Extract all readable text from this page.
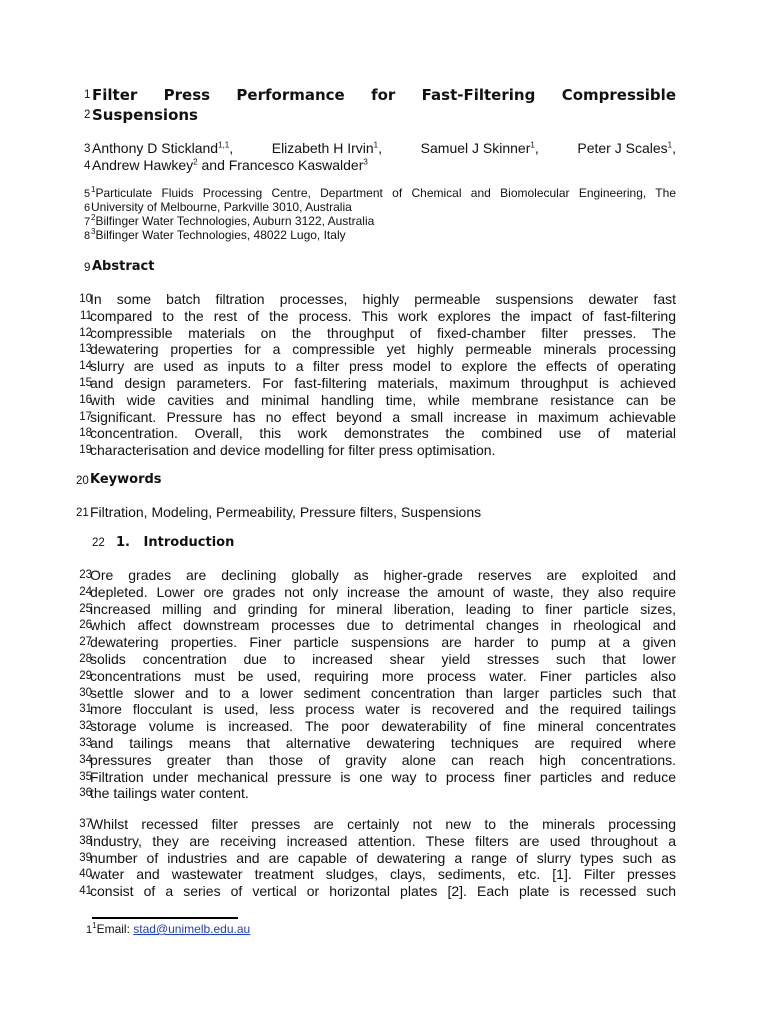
1 Filter Press Performance for Fast-Filtering Compressible
2 Suspensions
3 Anthony D Stickland$^{1,1}$,	Elizabeth H Irvin$^1$,	Samuel J Skinner$^1$,	Peter J Scales$^1$,
4 Andrew Hawkey$^2$ and Francesco Kaswalder$^3$
5 $^1$Particulate Fluids Processing Centre, Department of Chemical and Biomolecular Engineering, The
6 University of Melbourne, Parkville 3010, Australia
7 $^2$Bilfinger Water Technologies, Auburn 3122, Australia
8 $^3$Bilfinger Water Technologies, 48022 Lugo, Italy
9 Abstract
10
In some batch filtration processes, highly permeable suspensions dewater fast
11
compared to the rest of the process. This work explores the impact of fast-filtering
12
compressible materials on the throughput of fixed-chamber filter presses. The
13
dewatering properties for a compressible yet highly permeable minerals processing
14
slurry are used as inputs to a filter press model to explore the effects of operating
15
and design parameters. For fast-filtering materials, maximum throughput is achieved
16
with wide cavities and minimal handling time, while membrane resistance can be
17
significant. Pressure has no effect beyond a small increase in maximum achievable
18
concentration. Overall, this work demonstrates the combined use of material
19
characterisation and device modelling for filter press optimisation.
20 Keywords
21 Filtration, Modeling, Permeability, Pressure filters, Suspensions
22 1.   Introduction
23
Ore grades are declining globally as higher-grade reserves are exploited and
24
depleted. Lower ore grades not only increase the amount of waste, they also require
25
increased milling and grinding for mineral liberation, leading to finer particle sizes,
26
which affect downstream processes due to detrimental changes in rheological and
27
dewatering properties. Finer particle suspensions are harder to pump at a given
28
solids concentration due to increased shear yield stresses such that lower
29
concentrations must be used, requiring more process water. Finer particles also
30
settle slower and to a lower sediment concentration than larger particles such that
31
more flocculant is used, less process water is recovered and the required tailings
32
storage volume is increased. The poor dewaterability of fine mineral concentrates
33
and tailings means that alternative dewatering techniques are required where
34
pressures greater than those of gravity alone can reach high concentrations.
35
Filtration under mechanical pressure is one way to process finer particles and reduce
36
the tailings water content.
37
Whilst recessed filter presses are certainly not new to the minerals processing
38
industry, they are receiving increased attention. These filters are used throughout a
39
number of industries and are capable of dewatering a range of slurry types such as
40
water and wastewater treatment sludges, clays, sediments, etc. [1]. Filter presses
41
consist of a series of vertical or horizontal plates [2]. Each plate is recessed such
$1^1Email$: stad@unimelb.edu.au
